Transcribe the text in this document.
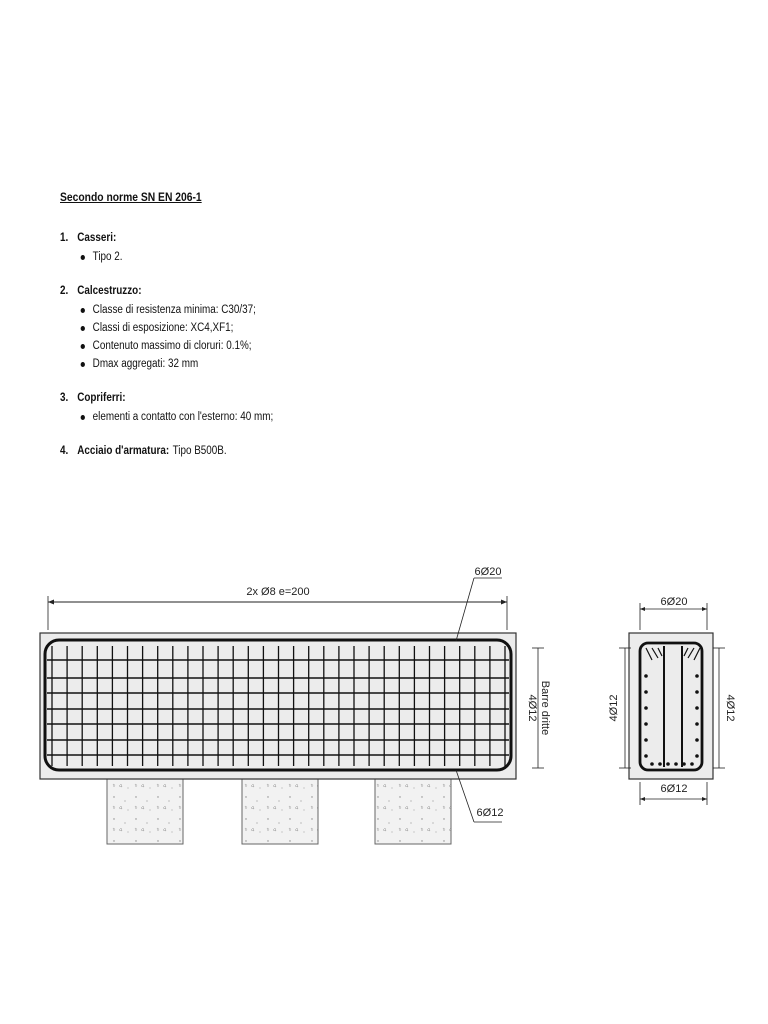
Secondo norme SN EN 206-1
1. Casseri:
Tipo 2.
2. Calcestruzzo:
Classe di resistenza minima: C30/37;
Classi di esposizione: XC4,XF1;
Contenuto massimo di cloruri: 0.1%;
Dmax aggregati: 32 mm
3. Copriferri:
elementi a contatto con l'esterno: 40 mm;
4. Acciaio d'armatura: Tipo B500B.
2x Ø8 e=200
6Ø20
6Ø12
4Ø12 Barre dritte
6Ø20
6Ø12
4Ø12	4Ø12
